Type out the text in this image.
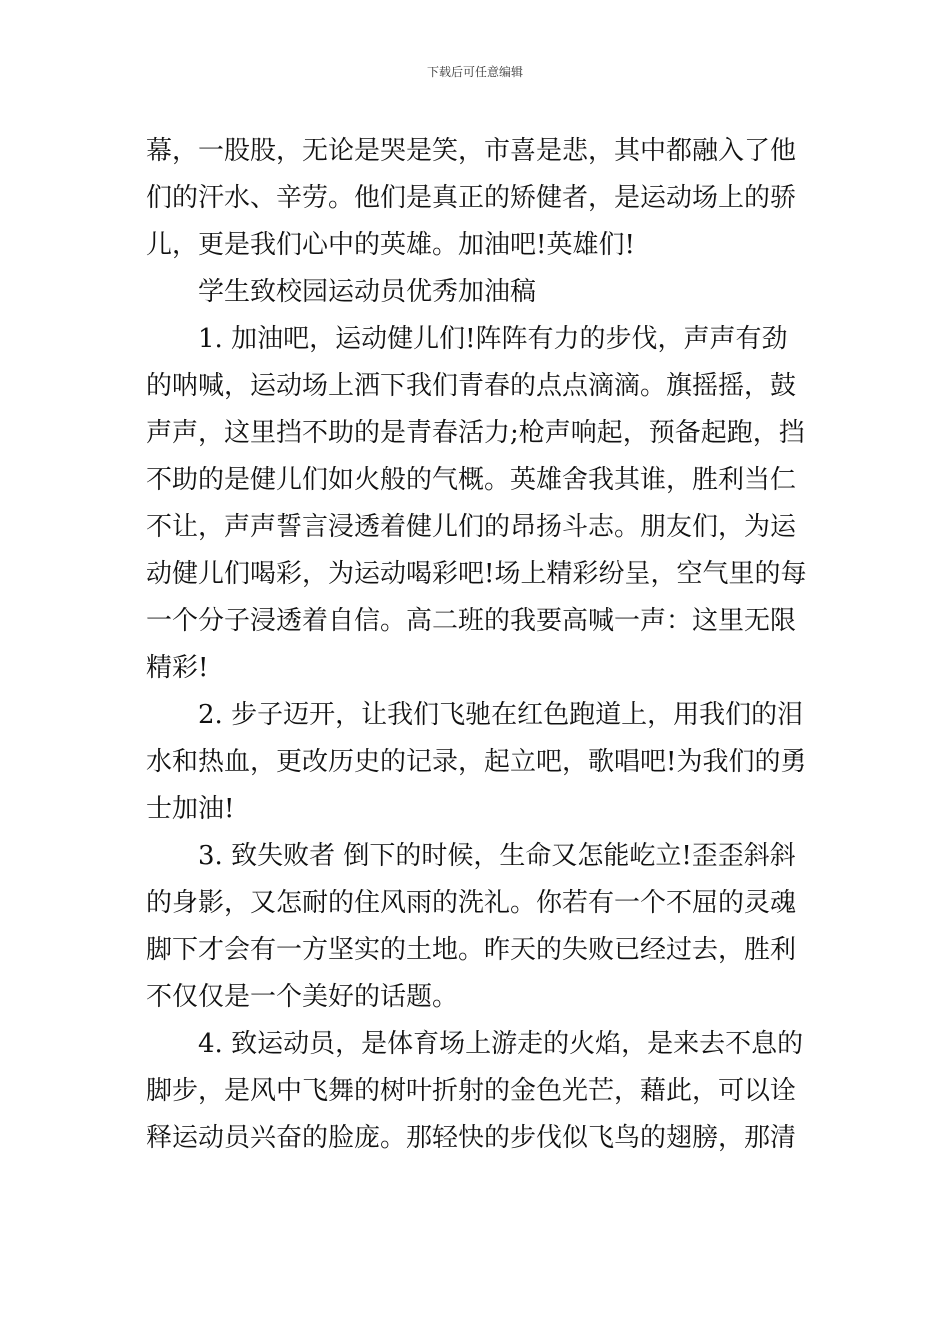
下载后可任意编辑
幕，一股股，无论是哭是笑，市喜是悲，其中都融入了他
们的汗水、辛劳。他们是真正的矫健者，是运动场上的骄
儿，更是我们心中的英雄。加油吧!英雄们!
学生致校园运动员优秀加油稿
1. 加油吧，运动健儿们!阵阵有力的步伐，声声有劲
的呐喊，运动场上洒下我们青春的点点滴滴。旗摇摇，鼓
声声，这里挡不助的是青春活力;枪声响起，预备起跑，挡
不助的是健儿们如火般的气概。英雄舍我其谁，胜利当仁
不让，声声誓言浸透着健儿们的昂扬斗志。朋友们，为运
动健儿们喝彩，为运动喝彩吧!场上精彩纷呈，空气里的每
一个分子浸透着自信。高二班的我要高喊一声：这里无限
精彩!
2. 步子迈开，让我们飞驰在红色跑道上，用我们的泪
水和热血，更改历史的记录，起立吧，歌唱吧!为我们的勇
士加油!
3. 致失败者 倒下的时候，生命又怎能屹立!歪歪斜斜
的身影，又怎耐的住风雨的洗礼。你若有一个不屈的灵魂
脚下才会有一方坚实的土地。昨天的失败已经过去，胜利
不仅仅是一个美好的话题。
4. 致运动员，是体育场上游走的火焰，是来去不息的
脚步，是风中飞舞的树叶折射的金色光芒，藉此，可以诠
释运动员兴奋的脸庞。那轻快的步伐似飞鸟的翅膀，那清
